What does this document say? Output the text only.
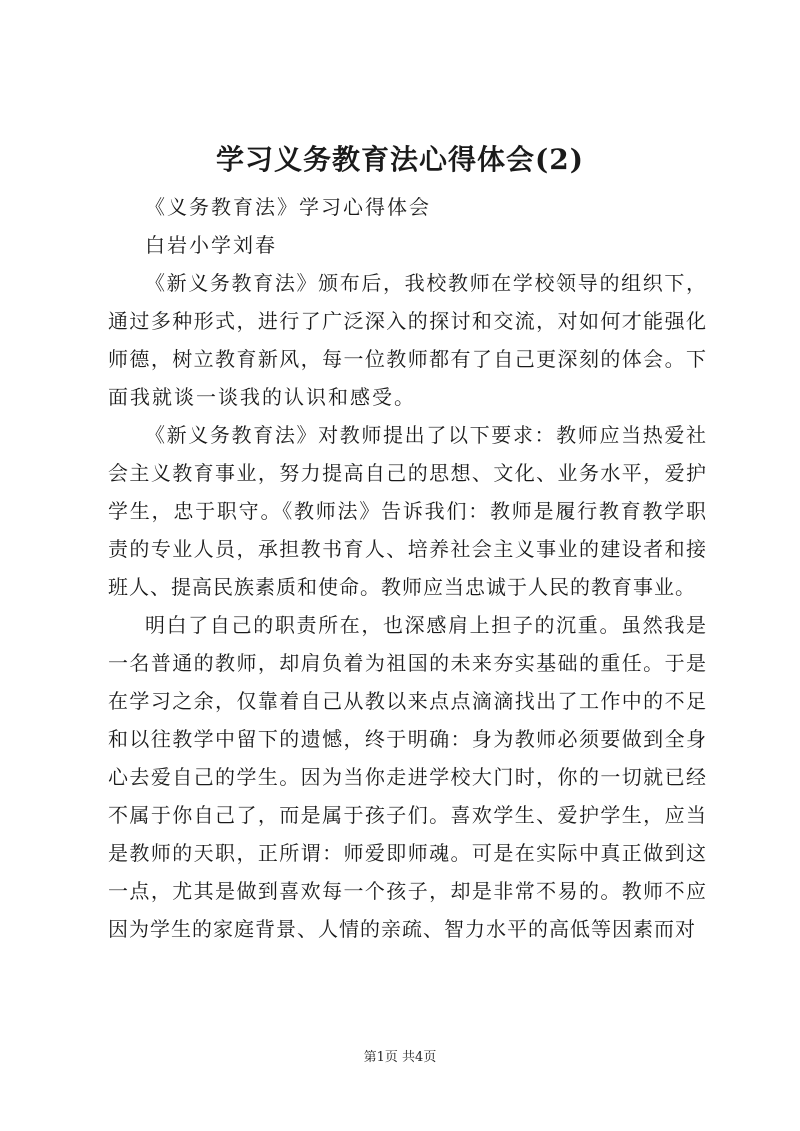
学习义务教育法心得体会(2)
《义务教育法》学习心得体会
白岩小学刘春
《新义务教育法》颁布后，我校教师在学校领导的组织下，
通过多种形式，进行了广泛深入的探讨和交流，对如何才能强化
师德，树立教育新风，每一位教师都有了自己更深刻的体会。下
面我就谈一谈我的认识和感受。
《新义务教育法》对教师提出了以下要求：教师应当热爱社
会主义教育事业，努力提高自己的思想、文化、业务水平，爱护
学生，忠于职守。《教师法》告诉我们：教师是履行教育教学职
责的专业人员，承担教书育人、培养社会主义事业的建设者和接
班人、提高民族素质和使命。教师应当忠诚于人民的教育事业。
明白了自己的职责所在，也深感肩上担子的沉重。虽然我是
一名普通的教师，却肩负着为祖国的未来夯实基础的重任。于是
在学习之余，仅靠着自己从教以来点点滴滴找出了工作中的不足
和以往教学中留下的遗憾，终于明确：身为教师必须要做到全身
心去爱自己的学生。因为当你走进学校大门时，你的一切就已经
不属于你自己了，而是属于孩子们。喜欢学生、爱护学生，应当
是教师的天职，正所谓：师爱即师魂。可是在实际中真正做到这
一点，尤其是做到喜欢每一个孩子，却是非常不易的。教师不应
因为学生的家庭背景、人情的亲疏、智力水平的高低等因素而对
第1页 共4页
